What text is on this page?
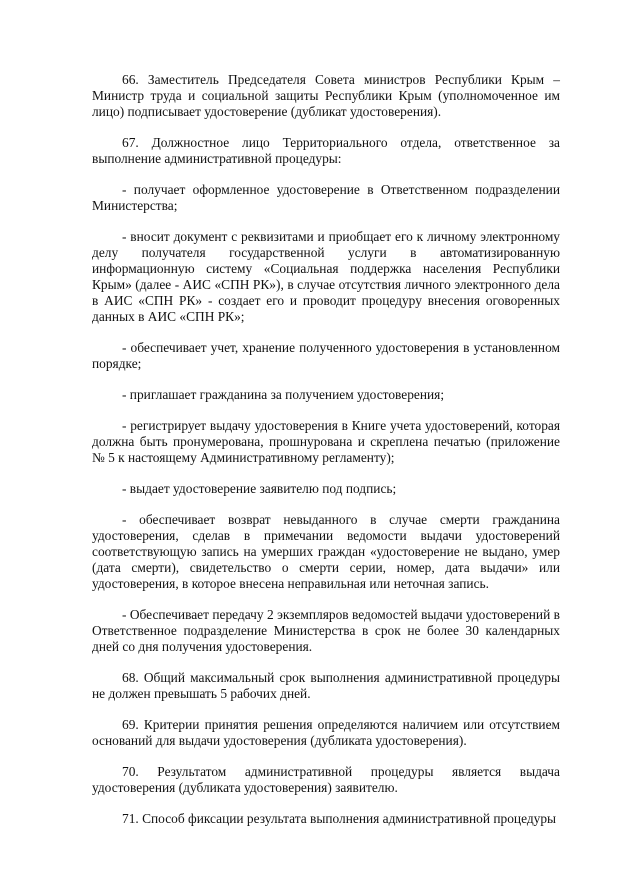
66. Заместитель Председателя Совета министров Республики Крым – Министр труда и социальной защиты Республики Крым (уполномоченное им лицо) подписывает удостоверение (дубликат удостоверения).

67. Должностное лицо Территориального отдела, ответственное за выполнение административной процедуры:

- получает оформленное удостоверение в Ответственном подразделении Министерства;

- вносит документ с реквизитами и приобщает его к личному электронному делу получателя государственной услуги в автоматизированную информационную систему «Социальная поддержка населения Республики Крым» (далее - АИС «СПН РК»), в случае отсутствия личного электронного дела в АИС «СПН РК» - создает его и проводит процедуру внесения оговоренных данных в АИС «СПН РК»;

- обеспечивает учет, хранение полученного удостоверения в установленном порядке;

- приглашает гражданина за получением удостоверения;

- регистрирует выдачу удостоверения в Книге учета удостоверений, которая должна быть пронумерована, прошнурована и скреплена печатью (приложение № 5 к настоящему Административному регламенту);

- выдает удостоверение заявителю под подпись;

- обеспечивает возврат невыданного в случае смерти гражданина удостоверения, сделав в примечании ведомости выдачи удостоверений соответствующую запись на умерших граждан «удостоверение не выдано, умер (дата смерти), свидетельство о смерти серии, номер, дата выдачи» или удостоверения, в которое внесена неправильная или неточная запись.

- Обеспечивает передачу 2 экземпляров ведомостей выдачи удостоверений в Ответственное подразделение Министерства в срок не более 30 календарных дней со дня получения удостоверения.

68. Общий максимальный срок выполнения административной процедуры не должен превышать 5 рабочих дней.

69. Критерии принятия решения определяются наличием или отсутствием оснований для выдачи удостоверения (дубликата удостоверения).

70. Результатом административной процедуры является выдача удостоверения (дубликата удостоверения) заявителю.

71. Способ фиксации результата выполнения административной процедуры
